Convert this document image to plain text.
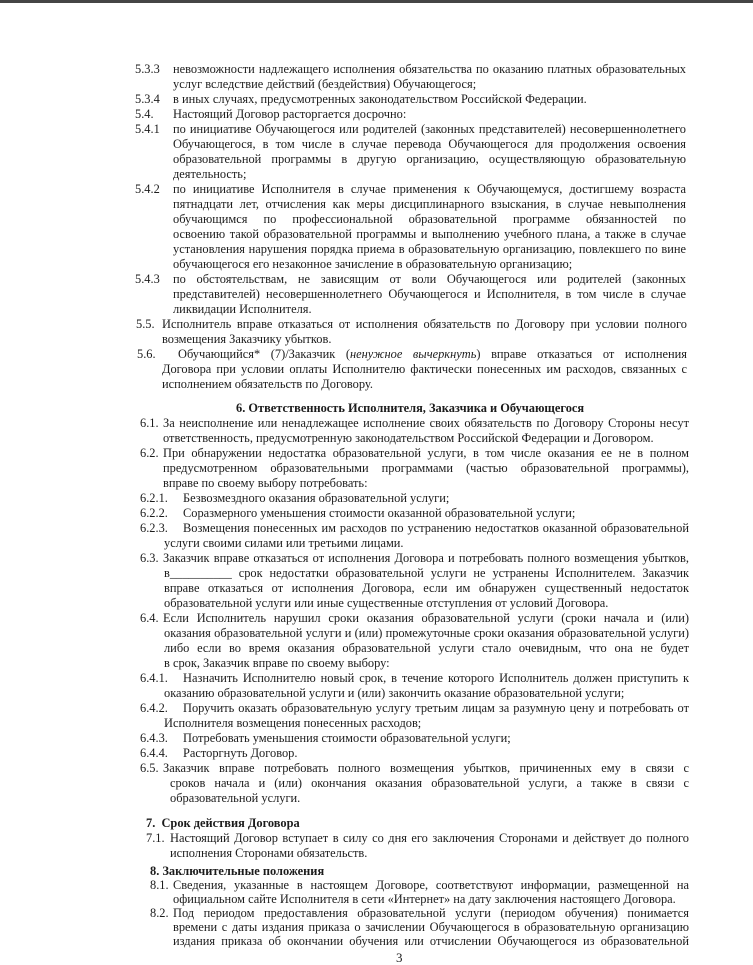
5.3.3 невозможности надлежащего исполнения обязательства по оказанию платных образовательных
услуг вследствие действий (бездействия) Обучающегося;
5.3.4 в иных случаях, предусмотренных законодательством Российской Федерации.
5.4. Настоящий Договор расторгается досрочно:
5.4.1 по инициативе Обучающегося или родителей (законных представителей) несовершеннолетнего
Обучающегося, в том числе в случае перевода Обучающегося для продолжения освоения
образовательной программы в другую организацию, осуществляющую образовательную
деятельность;
5.4.2 по инициативе Исполнителя в случае применения к Обучающемуся, достигшему возраста
пятнадцати лет, отчисления как меры дисциплинарного взыскания, в случае невыполнения
обучающимся по профессиональной образовательной программе обязанностей по
освоению такой образовательной программы и выполнению учебного плана, а также в случае
установления нарушения порядка приема в образовательную организацию, повлекшего по вине
обучающегося его незаконное зачисление в образовательную организацию;
5.4.3 по обстоятельствам, не зависящим от воли Обучающегося или родителей (законных
представителей) несовершеннолетнего Обучающегося и Исполнителя, в том числе в случае
ликвидации Исполнителя.
5.5. Исполнитель вправе отказаться от исполнения обязательств по Договору при условии полного
возмещения Заказчику убытков.
5.6. Обучающийся* (7)/Заказчик (ненужное вычеркнуть) вправе отказаться от исполнения
Договора при условии оплаты Исполнителю фактически понесенных им расходов, связанных с
исполнением обязательств по Договору.
6. Ответственность Исполнителя, Заказчика и Обучающегося
6.1. За неисполнение или ненадлежащее исполнение своих обязательств по Договору Стороны несут
ответственность, предусмотренную законодательством Российской Федерации и Договором.
6.2. При обнаружении недостатка образовательной услуги, в том числе оказания ее не в полном
предусмотренном образовательными программами (частью образовательной программы),
вправе по своему выбору потребовать:
6.2.1. Безвозмездного оказания образовательной услуги;
6.2.2. Соразмерного уменьшения стоимости оказанной образовательной услуги;
6.2.3. Возмещения понесенных им расходов по устранению недостатков оказанной образовательной
услуги своими силами или третьими лицами.
6.3. Заказчик вправе отказаться от исполнения Договора и потребовать полного возмещения убытков,
в__________ срок недостатки образовательной услуги не устранены Исполнителем. Заказчик
вправе отказаться от исполнения Договора, если им обнаружен существенный недостаток
образовательной услуги или иные существенные отступления от условий Договора.
6.4. Если Исполнитель нарушил сроки оказания образовательной услуги (сроки начала и (или)
оказания образовательной услуги и (или) промежуточные сроки оказания образовательной услуги)
либо если во время оказания образовательной услуги стало очевидным, что она не будет
в срок, Заказчик вправе по своему выбору:
6.4.1. Назначить Исполнителю новый срок, в течение которого Исполнитель должен приступить к
оказанию образовательной услуги и (или) закончить оказание образовательной услуги;
6.4.2. Поручить оказать образовательную услугу третьим лицам за разумную цену и потребовать от
Исполнителя возмещения понесенных расходов;
6.4.3. Потребовать уменьшения стоимости образовательной услуги;
6.4.4. Расторгнуть Договор.
6.5. Заказчик вправе потребовать полного возмещения убытков, причиненных ему в связи с
сроков начала и (или) окончания оказания образовательной услуги, а также в связи с
образовательной услуги.
7.  Срок действия Договора
7.1. Настоящий Договор вступает в силу со дня его заключения Сторонами и действует до полного
исполнения Сторонами обязательств.
8. Заключительные положения
8.1. Сведения, указанные в настоящем Договоре, соответствуют информации, размещенной на
официальном сайте Исполнителя в сети «Интернет» на дату заключения настоящего Договора.
8.2. Под периодом предоставления образовательной услуги (периодом обучения) понимается
времени с даты издания приказа о зачислении Обучающегося в образовательную организацию
издания приказа об окончании обучения или отчислении Обучающегося из образовательной
3
